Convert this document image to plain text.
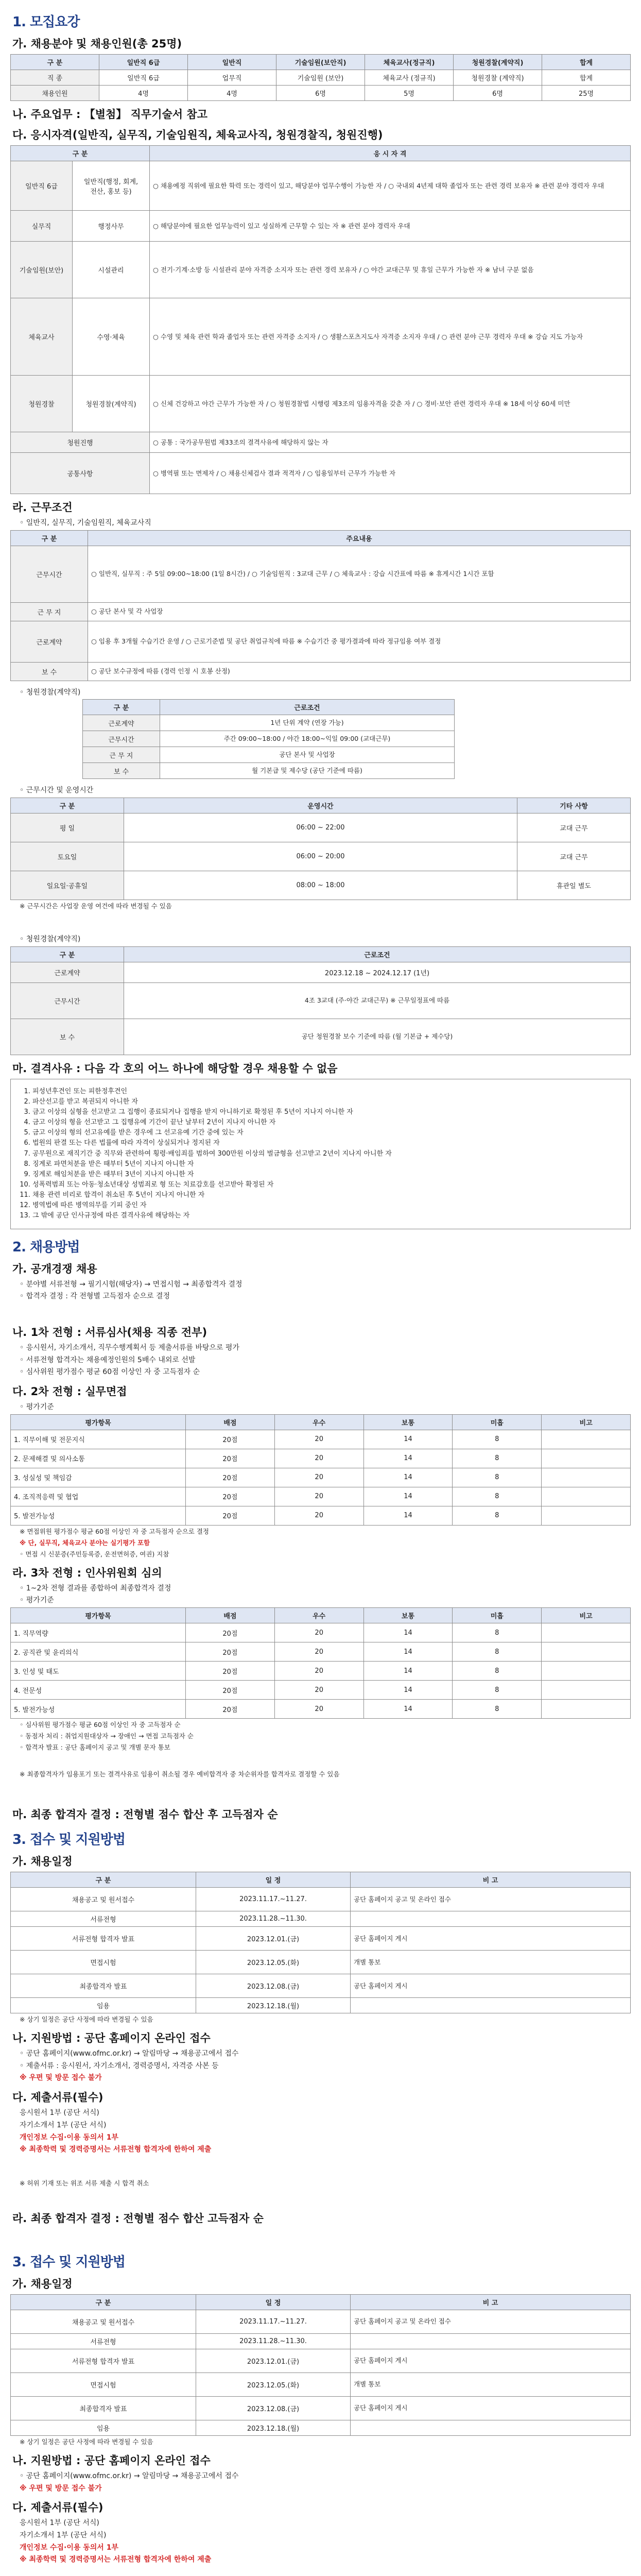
1. 모집요강
가. 채용분야 및 채용인원(총 25명)
구 분	일반직 6급	일반직	기술임원(보안직)	체육교사(정규직)	청원경찰(계약직)	합계
직 종	일반직 6급	업무직	기술임원 (보안)	체육교사 (정규직)	청원경찰 (계약직)	합계
채용인원	4명	4명	6명	5명	6명	25명
나. 주요업무 : 【별첨】 직무기술서 참고
다. 응시자격(일반직, 실무직, 기술임원직, 체육교사직, 청원경찰직, 청원진행)
구 분		응 시 자 격
일반직 6급	일반직(행정, 회계, 전산, 홍보 등)	○ 채용예정 직위에 필요한 학력 또는 경력이 있고, 해당분야 업무수행이 가능한 자 / ○ 국내외 4년제 대학 졸업자 또는 관련 경력 보유자 ※ 관련 분야 경력자 우대
실무직	행정사무	○ 해당분야에 필요한 업무능력이 있고 성실하게 근무할 수 있는 자 ※ 관련 분야 경력자 우대
기술임원(보안)	시설관리	○ 전기·기계·소방 등 시설관리 분야 자격증 소지자 또는 관련 경력 보유자 / ○ 야간 교대근무 및 휴일 근무가 가능한 자 ※ 남녀 구분 없음
체육교사	수영·체육	○ 수영 및 체육 관련 학과 졸업자 또는 관련 자격증 소지자 / ○ 생활스포츠지도사 자격증 소지자 우대 / ○ 관련 분야 근무 경력자 우대 ※ 강습 지도 가능자
청원경찰	청원경찰(계약직)	○ 신체 건강하고 야간 근무가 가능한 자 / ○ 청원경찰법 시행령 제3조의 임용자격을 갖춘 자 / ○ 경비·보안 관련 경력자 우대 ※ 18세 이상 60세 미만
청원진행		○ 공통 : 국가공무원법 제33조의 결격사유에 해당하지 않는 자
공통사항		○ 병역필 또는 면제자 / ○ 채용신체검사 결과 적격자 / ○ 임용일부터 근무가 가능한 자
라. 근무조건
◦ 일반직, 실무직, 기술임원직, 체육교사직
구 분	주요내용
근무시간	○ 일반직, 실무직 : 주 5일 09:00~18:00 (1일 8시간) / ○ 기술임원직 : 3교대 근무 / ○ 체육교사 : 강습 시간표에 따름 ※ 휴게시간 1시간 포함
근 무 지	○ 공단 본사 및 각 사업장
근로계약	○ 임용 후 3개월 수습기간 운영 / ○ 근로기준법 및 공단 취업규칙에 따름 ※ 수습기간 중 평가결과에 따라 정규임용 여부 결정
보 수	○ 공단 보수규정에 따름 (경력 인정 시 호봉 산정)
◦ 청원경찰(계약직)
구 분	근로조건
근로계약	1년 단위 계약 (연장 가능)
근무시간	주간 09:00~18:00 / 야간 18:00~익일 09:00 (교대근무)
근 무 지	공단 본사 및 사업장
보 수	월 기본급 및 제수당 (공단 기준에 따름)
◦ 근무시간 및 운영시간
구 분	운영시간	기타 사항
평 일	06:00 ~ 22:00	교대 근무
토요일	06:00 ~ 20:00	교대 근무
일요일·공휴일	08:00 ~ 18:00	휴관일 별도
※ 근무시간은 사업장 운영 여건에 따라 변경될 수 있음
◦ 청원경찰(계약직)
구 분	근로조건
근로계약	2023.12.18 ~ 2024.12.17 (1년)
근무시간	4조 3교대 (주·야간 교대근무) ※ 근무일정표에 따름
보 수	공단 청원경찰 보수 기준에 따름 (월 기본급 + 제수당)
마. 결격사유 : 다음 각 호의 어느 하나에 해당할 경우 채용할 수 없음
1. 피성년후견인 또는 피한정후견인
2. 파산선고를 받고 복권되지 아니한 자
3. 금고 이상의 실형을 선고받고 그 집행이 종료되거나 집행을 받지 아니하기로 확정된 후 5년이 지나지 아니한 자
4. 금고 이상의 형을 선고받고 그 집행유예 기간이 끝난 날부터 2년이 지나지 아니한 자
5. 금고 이상의 형의 선고유예를 받은 경우에 그 선고유예 기간 중에 있는 자
6. 법원의 판결 또는 다른 법률에 따라 자격이 상실되거나 정지된 자
7. 공무원으로 재직기간 중 직무와 관련하여 횡령·배임죄를 범하여 300만원 이상의 벌금형을 선고받고 2년이 지나지 아니한 자
8. 징계로 파면처분을 받은 때부터 5년이 지나지 아니한 자
9. 징계로 해임처분을 받은 때부터 3년이 지나지 아니한 자
10. 성폭력범죄 또는 아동·청소년대상 성범죄로 형 또는 치료감호를 선고받아 확정된 자
11. 채용 관련 비리로 합격이 취소된 후 5년이 지나지 아니한 자
12. 병역법에 따른 병역의무를 기피 중인 자
13. 그 밖에 공단 인사규정에 따른 결격사유에 해당하는 자
2. 채용방법
가. 공개경쟁 채용
◦ 분야별 서류전형 → 필기시험(해당자) → 면접시험 → 최종합격자 결정
◦ 합격자 결정 : 각 전형별 고득점자 순으로 결정
나. 1차 전형 : 서류심사(채용 직종 전부)
◦ 응시원서, 자기소개서, 직무수행계획서 등 제출서류를 바탕으로 평가
◦ 서류전형 합격자는 채용예정인원의 5배수 내외로 선발
◦ 심사위원 평가점수 평균 60점 이상인 자 중 고득점자 순
다. 2차 전형 : 실무면접
◦ 평가기준
평가항목	배점	우수	보통	미흡	비고
1. 직무이해 및 전문지식	20점	20	14	8	
2. 문제해결 및 의사소통	20점	20	14	8	
3. 성실성 및 책임감	20점	20	14	8	
4. 조직적응력 및 협업	20점	20	14	8	
5. 발전가능성	20점	20	14	8	
※ 면접위원 평가점수 평균 60점 이상인 자 중 고득점자 순으로 결정
※ 단, 실무직, 체육교사 분야는 실기평가 포함
◦ 면접 시 신분증(주민등록증, 운전면허증, 여권) 지참
라. 3차 전형 : 인사위원회 심의
◦ 1~2차 전형 결과를 종합하여 최종합격자 결정
◦ 평가기준
평가항목	배점	우수	보통	미흡	비고
1. 직무역량	20점	20	14	8	
2. 공직관 및 윤리의식	20점	20	14	8	
3. 인성 및 태도	20점	20	14	8	
4. 전문성	20점	20	14	8	
5. 발전가능성	20점	20	14	8	
◦ 심사위원 평가점수 평균 60점 이상인 자 중 고득점자 순
◦ 동점자 처리 : 취업지원대상자 → 장애인 → 면접 고득점자 순
◦ 합격자 발표 : 공단 홈페이지 공고 및 개별 문자 통보
※ 최종합격자가 임용포기 또는 결격사유로 임용이 취소될 경우 예비합격자 중 차순위자를 합격자로 결정할 수 있음
마. 최종 합격자 결정 : 전형별 점수 합산 후 고득점자 순
3. 접수 및 지원방법
가. 채용일정
구 분	일 정	비 고
채용공고 및 원서접수	2023.11.17.~11.27.	공단 홈페이지 공고 및 온라인 접수
서류전형	2023.11.28.~11.30.	
서류전형 합격자 발표	2023.12.01.(금)	공단 홈페이지 게시
면접시험	2023.12.05.(화)	개별 통보
최종합격자 발표	2023.12.08.(금)	공단 홈페이지 게시
임용	2023.12.18.(월)	
※ 상기 일정은 공단 사정에 따라 변경될 수 있음
나. 지원방법 : 공단 홈페이지 온라인 접수
◦ 공단 홈페이지(www.ofmc.or.kr) → 알림마당 → 채용공고에서 접수
◦ 제출서류 : 응시원서, 자기소개서, 경력증명서, 자격증 사본 등
※ 우편 및 방문 접수 불가
다. 제출서류(필수)
응시원서 1부 (공단 서식)
자기소개서 1부 (공단 서식)
개인정보 수집·이용 동의서 1부
※ 최종학력 및 경력증명서는 서류전형 합격자에 한하여 제출
※ 허위 기재 또는 위조 서류 제출 시 합격 취소
라. 최종 합격자 결정 : 전형별 점수 합산 고득점자 순
3. 접수 및 지원방법
가. 채용일정
구 분	일 정	비 고
채용공고 및 원서접수	2023.11.17.~11.27.	공단 홈페이지 공고 및 온라인 접수
서류전형	2023.11.28.~11.30.	
서류전형 합격자 발표	2023.12.01.(금)	공단 홈페이지 게시
면접시험	2023.12.05.(화)	개별 통보
최종합격자 발표	2023.12.08.(금)	공단 홈페이지 게시
임용	2023.12.18.(월)	
※ 상기 일정은 공단 사정에 따라 변경될 수 있음
나. 지원방법 : 공단 홈페이지 온라인 접수
◦ 공단 홈페이지(www.ofmc.or.kr) → 알림마당 → 채용공고에서 접수
※ 우편 및 방문 접수 불가
다. 제출서류(필수)
응시원서 1부 (공단 서식)
자기소개서 1부 (공단 서식)
개인정보 수집·이용 동의서 1부
※ 최종학력 및 경력증명서는 서류전형 합격자에 한하여 제출
